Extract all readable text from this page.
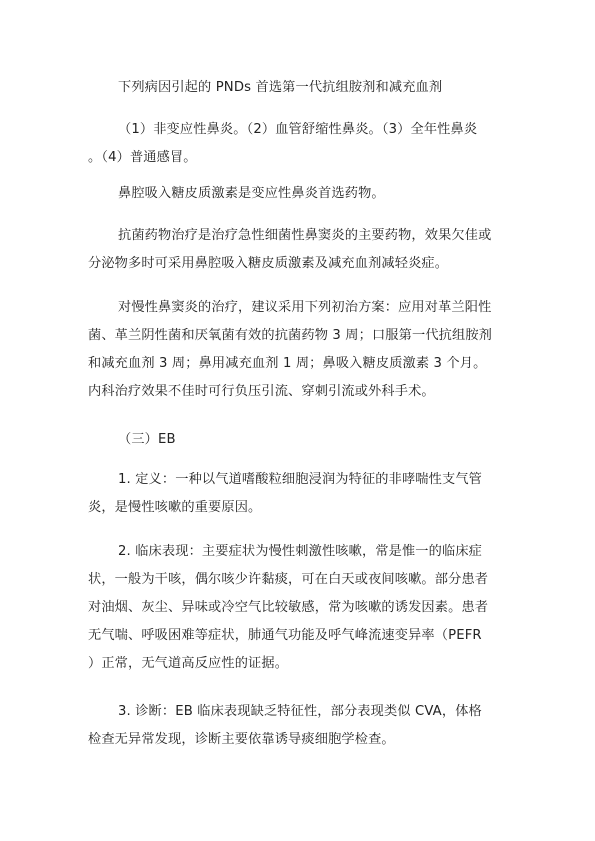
下列病因引起的 PNDs 首选第一代抗组胺剂和减充血剂

（1）非变应性鼻炎。（2）血管舒缩性鼻炎。（3）全年性鼻炎
。（4）普通感冒。

鼻腔吸入糖皮质激素是变应性鼻炎首选药物。

抗菌药物治疗是治疗急性细菌性鼻窦炎的主要药物，效果欠佳或
分泌物多时可采用鼻腔吸入糖皮质激素及减充血剂减轻炎症。

对慢性鼻窦炎的治疗，建议采用下列初治方案：应用对革兰阳性
菌、革兰阴性菌和厌氧菌有效的抗菌药物 3 周；口服第一代抗组胺剂
和减充血剂 3 周；鼻用减充血剂 1 周；鼻吸入糖皮质激素 3 个月。
内科治疗效果不佳时可行负压引流、穿刺引流或外科手术。

（三）EB

1. 定义：一种以气道嗜酸粒细胞浸润为特征的非哮喘性支气管
炎，是慢性咳嗽的重要原因。

2. 临床表现：主要症状为慢性刺激性咳嗽，常是惟一的临床症
状，一般为干咳，偶尔咳少许黏痰，可在白天或夜间咳嗽。部分患者
对油烟、灰尘、异味或冷空气比较敏感，常为咳嗽的诱发因素。患者
无气喘、呼吸困难等症状，肺通气功能及呼气峰流速变异率（PEFR
）正常，无气道高反应性的证据。

3. 诊断：EB 临床表现缺乏特征性，部分表现类似 CVA，体格
检查无异常发现，诊断主要依靠诱导痰细胞学检查。
